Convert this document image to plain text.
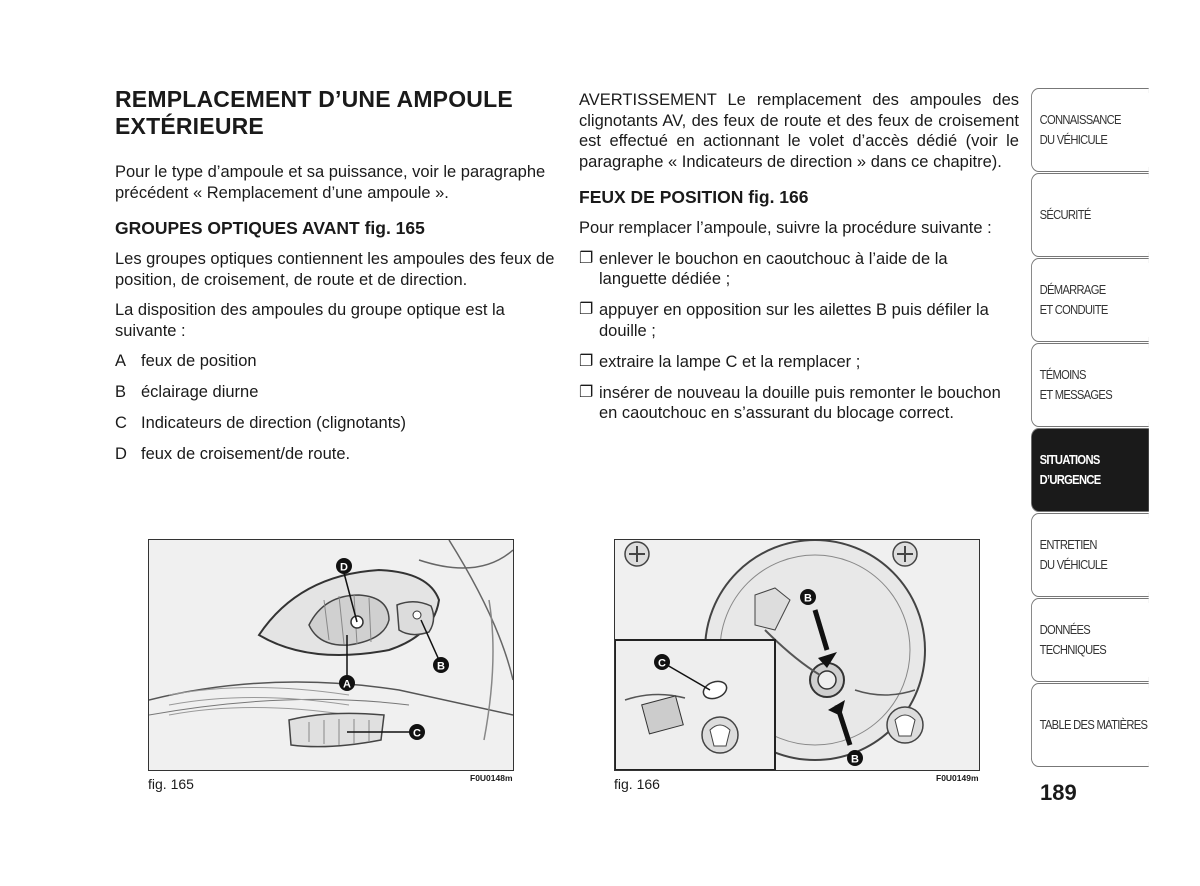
REMPLACEMENT D’UNE AMPOULE EXTÉRIEURE

Pour le type d’ampoule et sa puissance, voir le paragraphe précédent « Remplacement d’une ampoule ».

GROUPES OPTIQUES AVANT fig. 165

Les groupes optiques contiennent les ampoules des feux de position, de croisement, de route et de direction.

La disposition des ampoules du groupe optique est la suivante :

A feux de position
B éclairage diurne
C Indicateurs de direction (clignotants)
D feux de croisement/de route.

AVERTISSEMENT Le remplacement des ampoules des clignotants AV, des feux de route et des feux de croisement est effectué en actionnant le volet d’accès dédié (voir le paragraphe « Indicateurs de direction » dans ce chapitre).

FEUX DE POSITION fig. 166

Pour remplacer l’ampoule, suivre la procédure suivante :

❐ enlever le bouchon en caoutchouc à l’aide de la languette dédiée ;
❐ appuyer en opposition sur les ailettes B puis défiler la douille ;
❐ extraire la lampe C et la remplacer ;
❐ insérer de nouveau la douille puis remonter le bouchon en caoutchouc en s’assurant du blocage correct.
D
A
B
C
fig. 165	F0U0148m
B
C
B
fig. 166	F0U0149m
CONNAISSANCE
DU VÉHICULE
SÉCURITÉ
DÉMARRAGE
ET CONDUITE
TÉMOINS
ET MESSAGES
SITUATIONS
D’URGENCE
ENTRETIEN
DU VÉHICULE
DONNÉES
TECHNIQUES
TABLE DES MATIÈRES
189
